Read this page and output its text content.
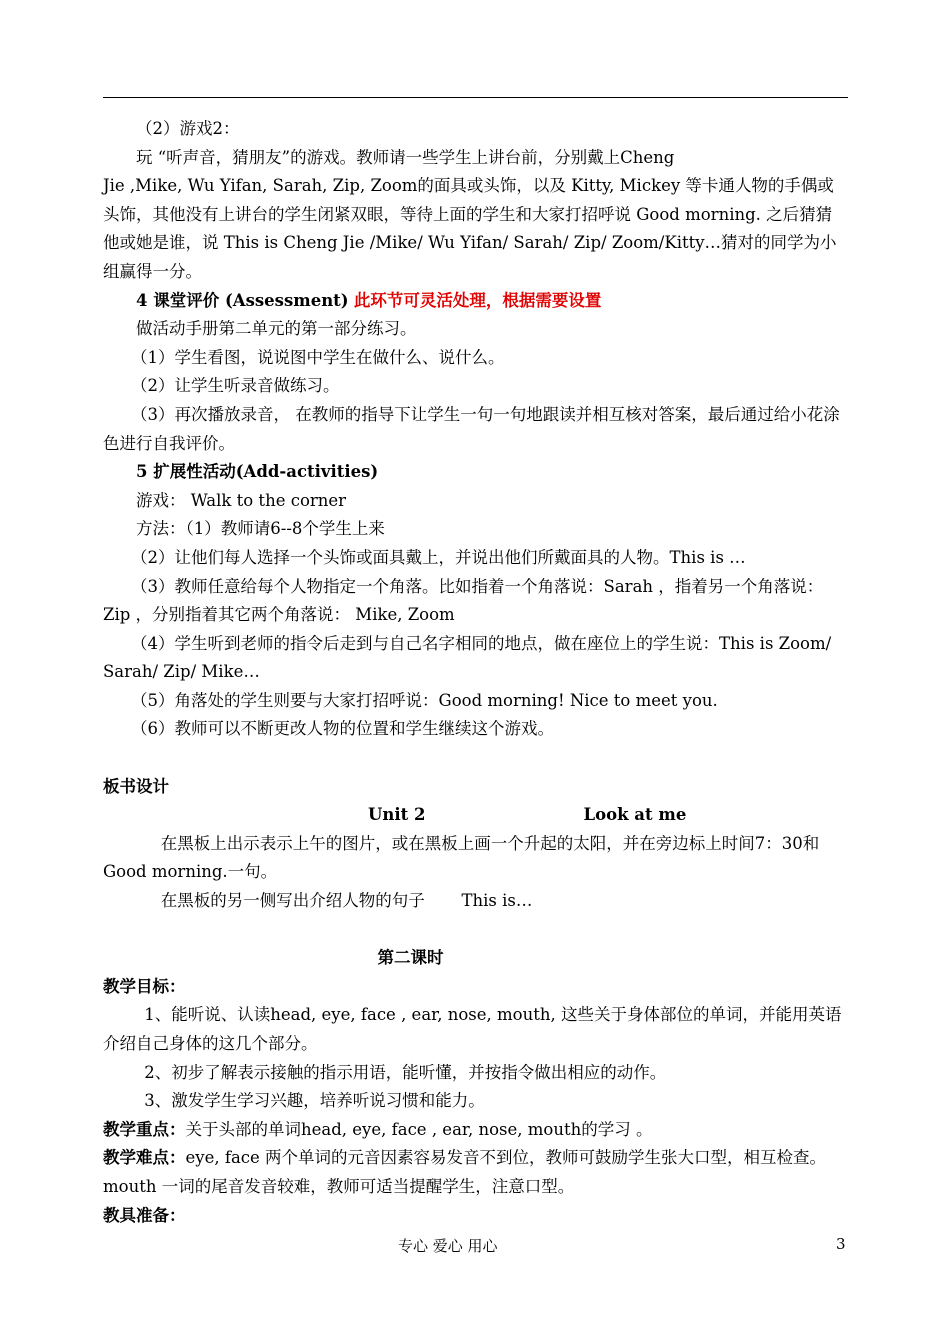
（2）游戏2：

玩 “听声音，猜朋友”的游戏。教师请一些学生上讲台前，分别戴上Cheng

Jie ,Mike, Wu Yifan, Sarah, Zip, Zoom的面具或头饰，以及 Kitty, Mickey 等卡通人物的手偶或头饰，其他没有上讲台的学生闭紧双眼，等待上面的学生和大家打招呼说 Good morning. 之后猜猜他或她是谁，说 This is Cheng Jie /Mike/ Wu Yifan/ Sarah/ Zip/ Zoom/Kitty…猜对的同学为小组赢得一分。

4 课堂评价 (Assessment) 此环节可灵活处理，根据需要设置

做活动手册第二单元的第一部分练习。

（1）学生看图，说说图中学生在做什么、说什么。

（2）让学生听录音做练习。

（3）再次播放录音， 在教师的指导下让学生一句一句地跟读并相互核对答案，最后通过给小花涂色进行自我评价。

5 扩展性活动(Add-activities)

游戏： Walk to the corner

方法：（1）教师请6--8个学生上来

（2）让他们每人选择一个头饰或面具戴上，并说出他们所戴面具的人物。This is …

（3）教师任意给每个人物指定一个角落。比如指着一个角落说：Sarah ，指着另一个角落说： Zip ，分别指着其它两个角落说： Mike, Zoom

（4）学生听到老师的指令后走到与自己名字相同的地点，做在座位上的学生说：This is Zoom/ Sarah/ Zip/ Mike…

（5）角落处的学生则要与大家打招呼说：Good morning! Nice to meet you.

（6）教师可以不断更改人物的位置和学生继续这个游戏。

板书设计

Unit 2	Look at me

在黑板上出示表示上午的图片，或在黑板上画一个升起的太阳，并在旁边标上时间7：30和 Good morning.一句。

在黑板的另一侧写出介绍人物的句子       This is…

第二课时

教学目标：

1、能听说、认读head, eye, face , ear, nose, mouth, 这些关于身体部位的单词，并能用英语介绍自己身体的这几个部分。

2、初步了解表示接触的指示用语，能听懂，并按指令做出相应的动作。

3、激发学生学习兴趣，培养听说习惯和能力。

教学重点：关于头部的单词head, eye, face , ear, nose, mouth的学习 。

教学难点：eye, face 两个单词的元音因素容易发音不到位，教师可鼓励学生张大口型，相互检查。mouth 一词的尾音发音较难，教师可适当提醒学生，注意口型。

教具准备：

专心 爱心 用心	3
